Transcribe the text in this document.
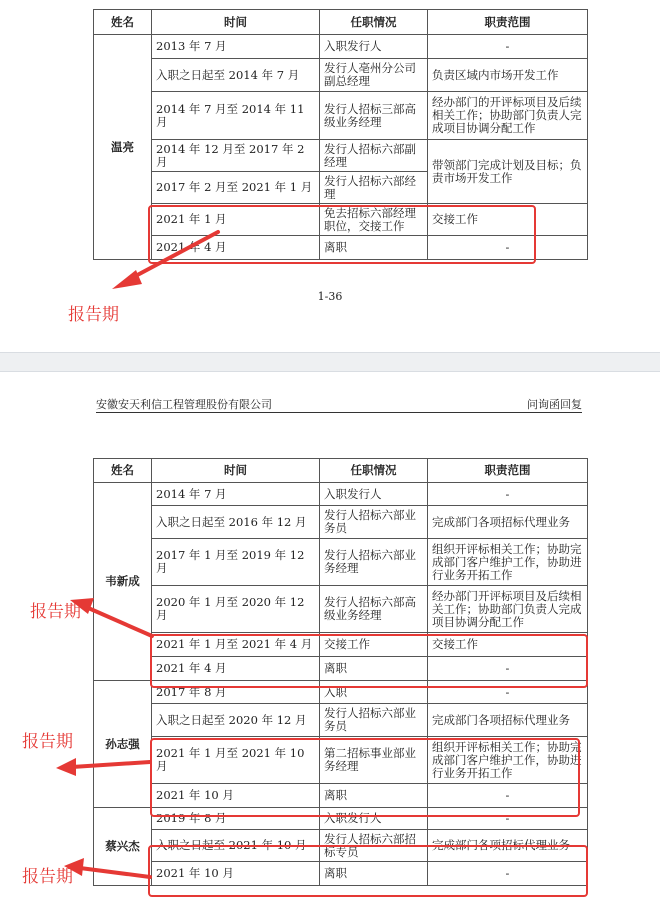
姓名	时间	任职情况	职责范围
温亮	2013 年 7 月	入职发行人	-
	入职之日起至 2014 年 7 月	发行人亳州分公司副总经理	负责区域内市场开发工作
	2014 年 7 月至 2014 年 11 月	发行人招标三部高级业务经理	经办部门的开评标项目及后续相关工作；协助部门负责人完成项目协调分配工作
	2014 年 12 月至 2017 年 2 月	发行人招标六部副经理	带领部门完成计划及目标；负责市场开发工作
	2017 年 2 月至 2021 年 1 月	发行人招标六部经理	
	2021 年 1 月	免去招标六部经理职位，交接工作	交接工作
	2021 年 4 月	离职	-
报告期
1-36
安徽安天利信工程管理股份有限公司	问询函回复
姓名	时间	任职情况	职责范围
韦新成	2014 年 7 月	入职发行人	-
	入职之日起至 2016 年 12 月	发行人招标六部业务员	完成部门各项招标代理业务
	2017 年 1 月至 2019 年 12 月	发行人招标六部业务经理	组织开评标相关工作；协助完成部门客户维护工作，协助进行业务开拓工作
	2020 年 1 月至 2020 年 12 月	发行人招标六部高级业务经理	经办部门开评标项目及后续相关工作；协助部门负责人完成项目协调分配工作
	2021 年 1 月至 2021 年 4 月	交接工作	交接工作
	2021 年 4 月	离职	-
孙志强	2017 年 8 月	入职	-
	入职之日起至 2020 年 12 月	发行人招标六部业务员	完成部门各项招标代理业务
	2021 年 1 月至 2021 年 10 月	第二招标事业部业务经理	组织开评标相关工作；协助完成部门客户维护工作，协助进行业务开拓工作
	2021 年 10 月	离职	-
蔡兴杰	2019 年 8 月	入职发行人	-
	入职之日起至 2021 年 10 月	发行人招标六部招标专员	完成部门各项招标代理业务
	2021 年 10 月	离职	-
报告期
报告期
报告期
